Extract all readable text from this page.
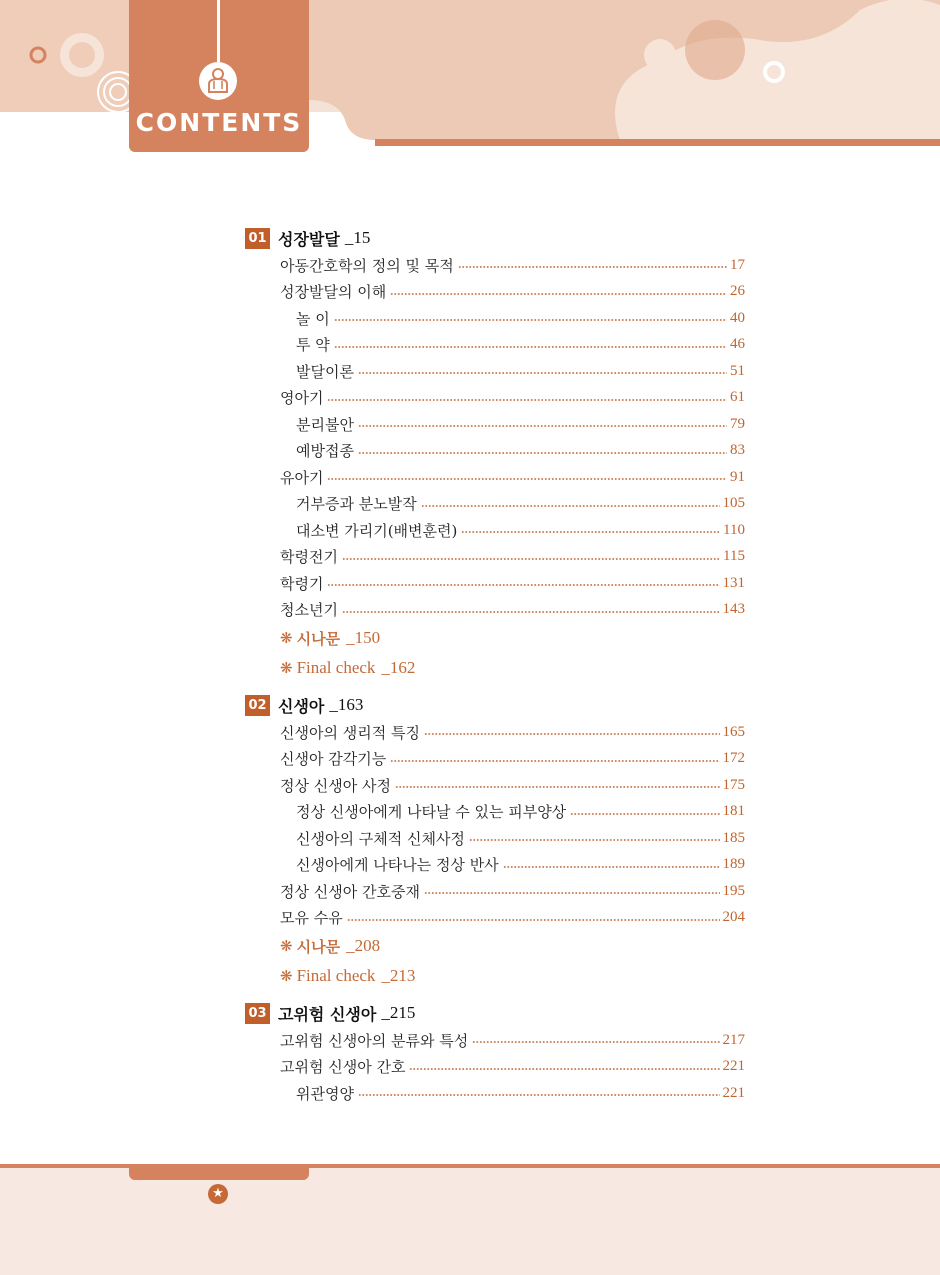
CONTENTS
01 성장발달 _15
아동간호학의 정의 및 목적	17
성장발달의 이해	26
놀 이	40
투 약	46
발달이론	51
영아기	61
분리불안	79
예방접종	83
유아기	91
거부증과 분노발작	105
대소변 가리기(배변훈련)	110
학령전기	115
학령기	131
청소년기	143
❋ 시나문 _150
❋ Final check _162
02 신생아 _163
신생아의 생리적 특징	165
신생아 감각기능	172
정상 신생아 사정	175
정상 신생아에게 나타날 수 있는 피부양상	181
신생아의 구체적 신체사정	185
신생아에게 나타나는 정상 반사	189
정상 신생아 간호중재	195
모유 수유	204
❋ 시나문 _208
❋ Final check _213
03 고위험 신생아 _215
고위험 신생아의 분류와 특성	217
고위험 신생아 간호	221
위관영양	221
★
